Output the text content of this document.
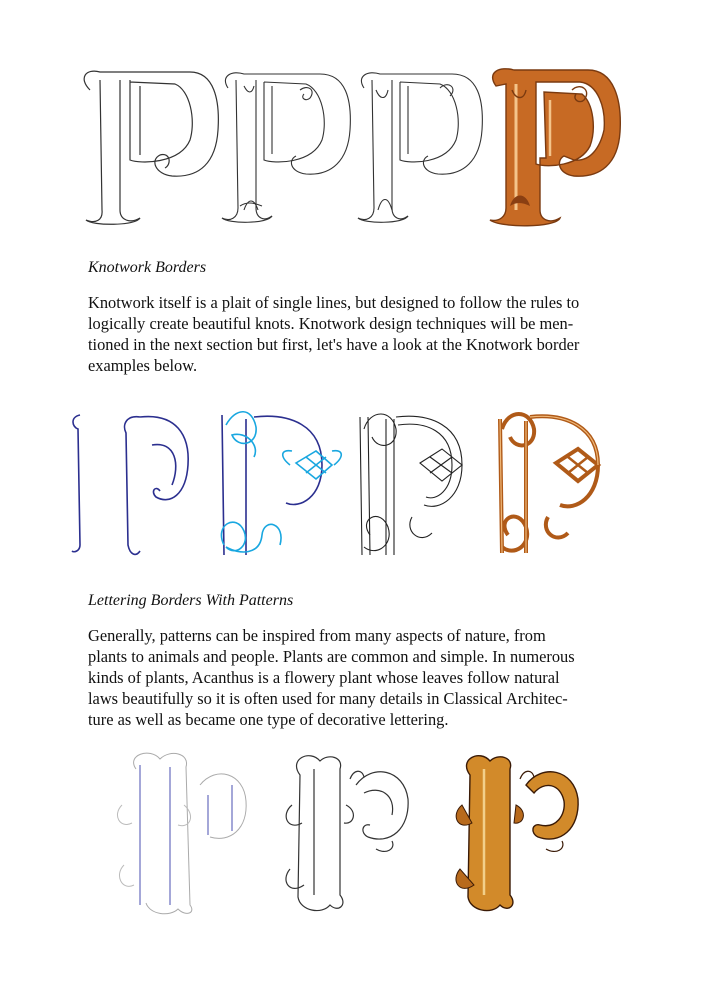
Knotwork Borders

Knotwork itself is a plait of single lines, but designed to follow the rules to
logically create beautiful knots. Knotwork design techniques will be men-
tioned in the next section but first, let's have a look at the Knotwork border
examples below.

Lettering Borders With Patterns

Generally, patterns can be inspired from many aspects of nature, from
plants to animals and people. Plants are common and simple. In numerous
kinds of plants, Acanthus is a flowery plant whose leaves follow natural
laws beautifully so it is often used for many details in Classical Architec-
ture as well as became one type of decorative lettering.
